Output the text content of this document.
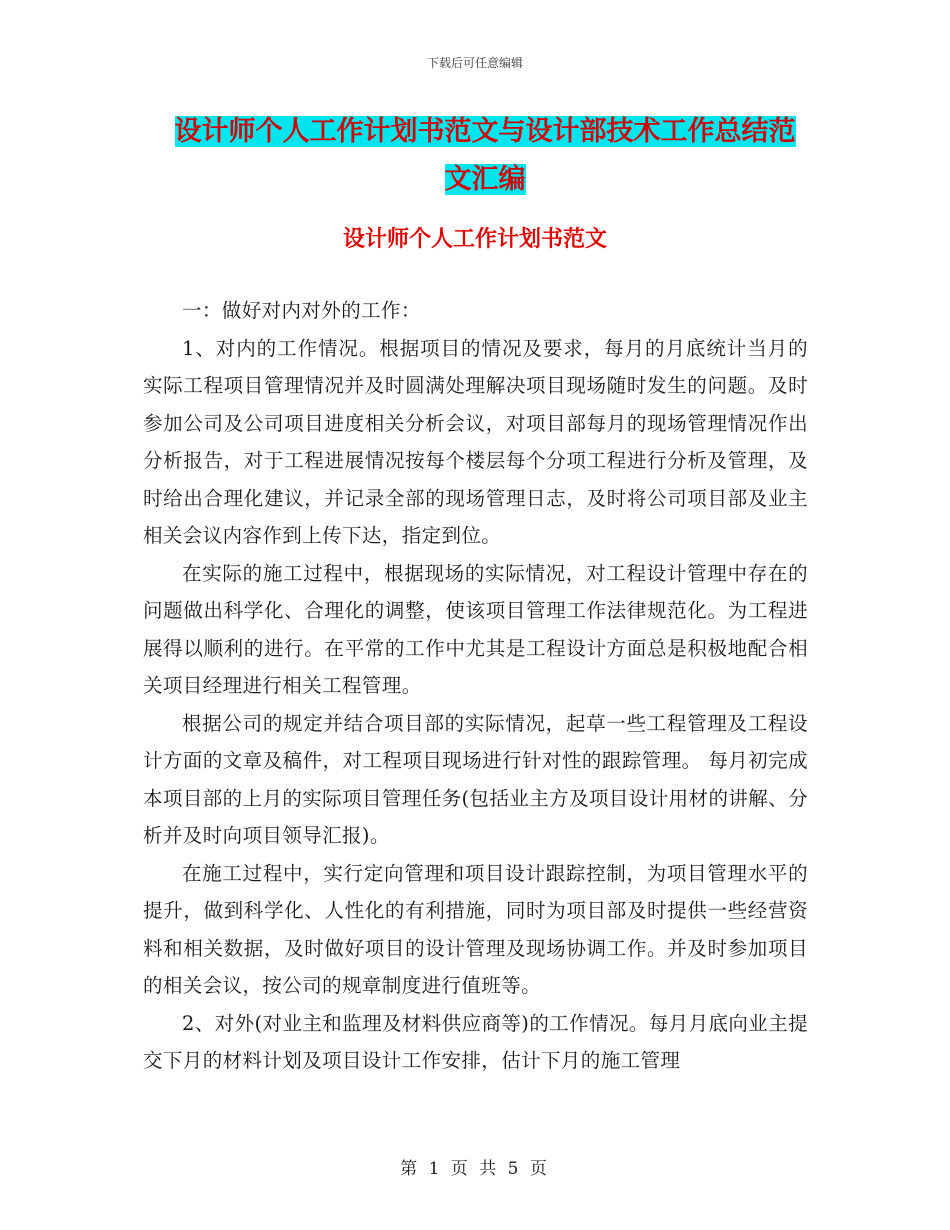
下载后可任意编辑
设计师个人工作计划书范文与设计部技术工作总结范
文汇编
设计师个人工作计划书范文

一：做好对内对外的工作：

1、对内的工作情况。根据项目的情况及要求，每月的月底统计当月的实际工程项目管理情况并及时圆满处理解决项目现场随时发生的问题。及时参加公司及公司项目进度相关分析会议，对项目部每月的现场管理情况作出分析报告，对于工程进展情况按每个楼层每个分项工程进行分析及管理，及时给出合理化建议，并记录全部的现场管理日志，及时将公司项目部及业主相关会议内容作到上传下达，指定到位。

在实际的施工过程中，根据现场的实际情况，对工程设计管理中存在的问题做出科学化、合理化的调整，使该项目管理工作法律规范化。为工程进展得以顺利的进行。在平常的工作中尤其是工程设计方面总是积极地配合相关项目经理进行相关工程管理。

根据公司的规定并结合项目部的实际情况，起草一些工程管理及工程设计方面的文章及稿件，对工程项目现场进行针对性的跟踪管理。 每月初完成本项目部的上月的实际项目管理任务(包括业主方及项目设计用材的讲解、分析并及时向项目领导汇报)。

在施工过程中，实行定向管理和项目设计跟踪控制，为项目管理水平的提升，做到科学化、人性化的有利措施，同时为项目部及时提供一些经营资料和相关数据，及时做好项目的设计管理及现场协调工作。并及时参加项目的相关会议，按公司的规章制度进行值班等。

2、对外(对业主和监理及材料供应商等)的工作情况。每月月底向业主提交下月的材料计划及项目设计工作安排，估计下月的施工管理

第 1 页 共 5 页
